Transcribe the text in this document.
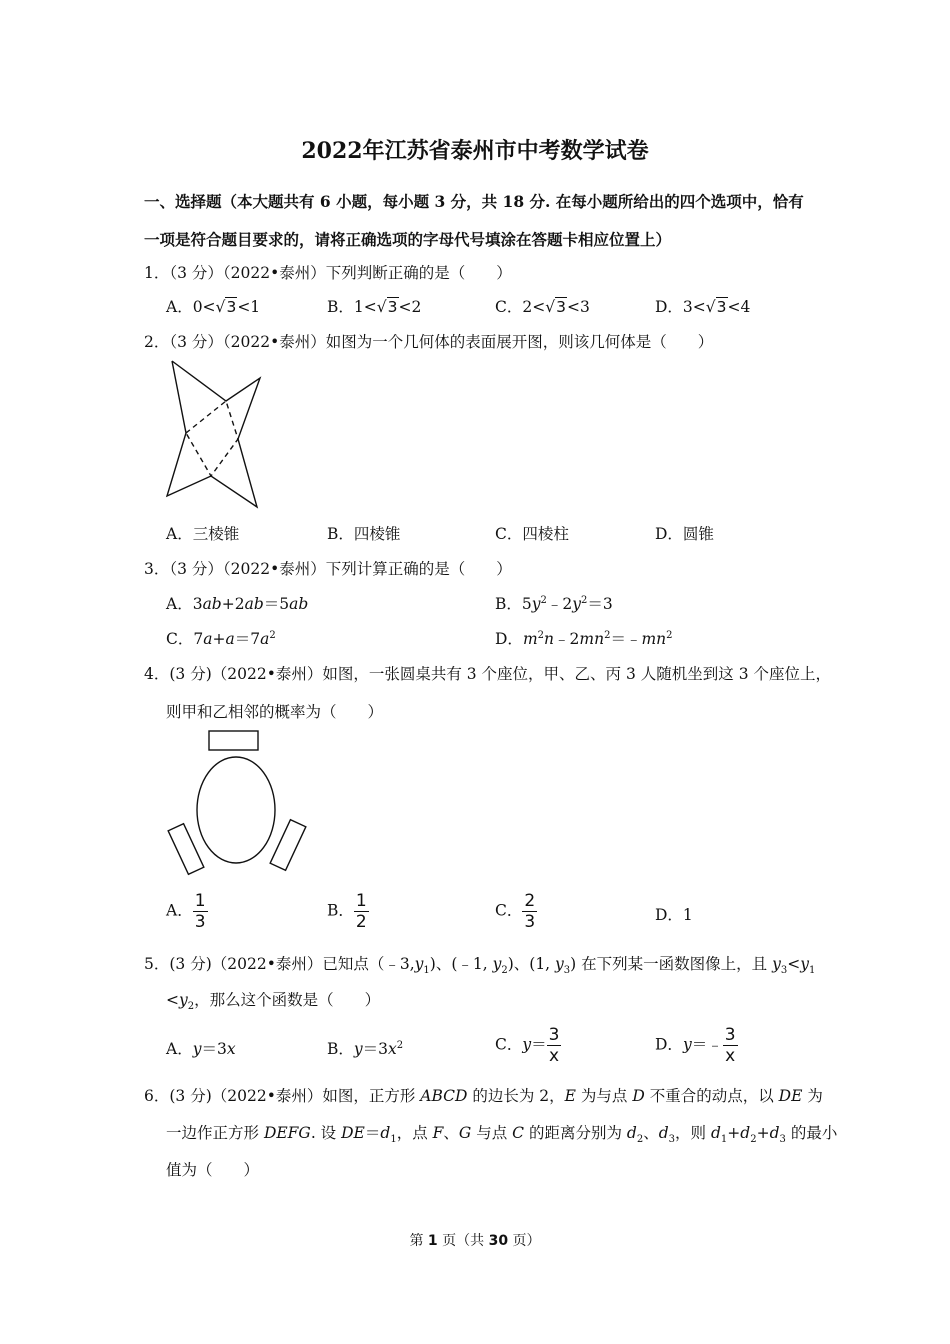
2022年江苏省泰州市中考数学试卷
一、选择题（本大题共有 6 小题，每小题 3 分，共 18 分. 在每小题所给出的四个选项中，恰有
一项是符合题目要求的，请将正确选项的字母代号填涂在答题卡相应位置上）
1．（3 分）（2022•泰州）下列判断正确的是（　　）
A．0<√3<1	B．1<√3<2	C．2<√3<3	D．3<√3<4
2．（3 分）（2022•泰州）如图为一个几何体的表面展开图，则该几何体是（　　）
A．三棱锥	B．四棱锥	C．四棱柱	D．圆锥
3．（3 分）（2022•泰州）下列计算正确的是（　　）
A．3ab+2ab＝5ab	B．$5y^2﹣2y^2=3$
C．$7a+a=7a^2$	D．$m^2n﹣2mn^2=﹣mn^2$
4．(3 分)（2022•泰州）如图，一张圆桌共有 3 个座位，甲、乙、丙 3 人随机坐到这 3 个座位上，
则甲和乙相邻的概率为（　　）
A． $\frac{1}{3}$	B． $\frac{1}{2}$	C． $\frac{2}{3}$	D．1
5．(3 分)（2022•泰州）已知点$(﹣3,y_1)$、(﹣1, $y_2$)、(1, $y_3$) 在下列某一函数图像上，且 $y_3<y_1$
$<y_2$，那么这个函数是（　　）
A．y＝3x	B．$y=3x^2$	C．$y= \frac{3}{x}$	D．y＝﹣ $\frac{3}{x}$
6．(3 分)（2022•泰州）如图，正方形 ABCD 的边长为 2，E 为与点 D 不重合的动点，以 DE 为
一边作正方形 DEFG. 设 $DE=d_1$，点 F、G 与点 C 的距离分别为 $d_2$、$d_3$，则 $d_1+d_2+d_3$ 的最小
值为（　　）
第 1 页（共 30 页）
